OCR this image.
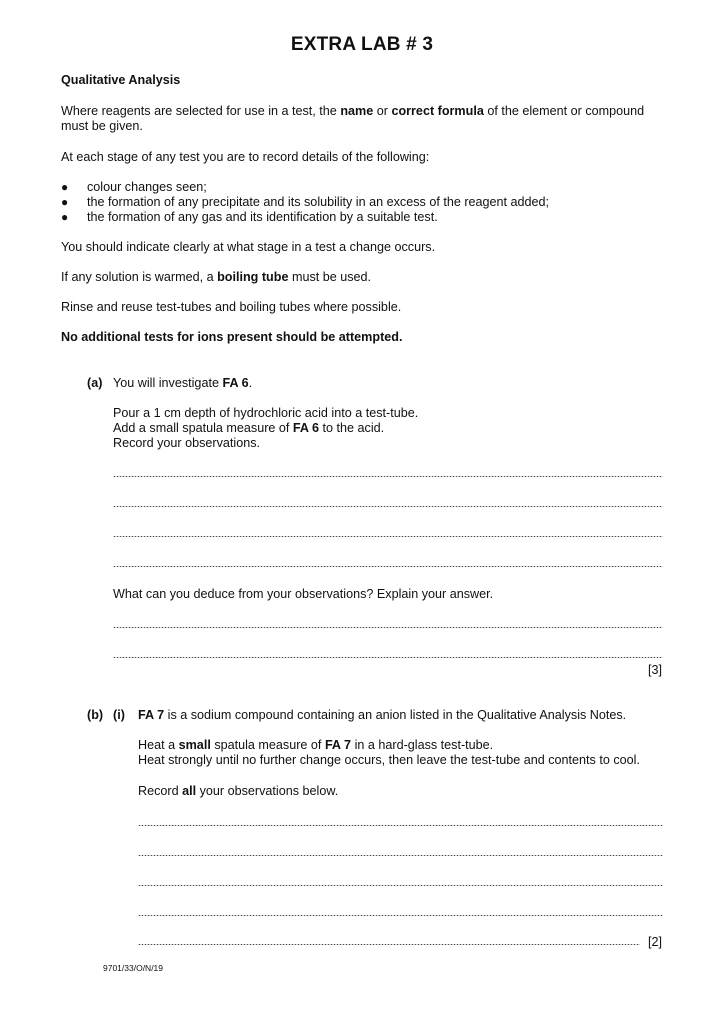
EXTRA LAB # 3
Qualitative Analysis
Where reagents are selected for use in a test, the name or correct formula of the element or compound
must be given.
At each stage of any test you are to record details of the following:
● colour changes seen;
● the formation of any precipitate and its solubility in an excess of the reagent added;
● the formation of any gas and its identification by a suitable test.
You should indicate clearly at what stage in a test a change occurs.
If any solution is warmed, a boiling tube must be used.
Rinse and reuse test-tubes and boiling tubes where possible.
No additional tests for ions present should be attempted.
(a) You will investigate FA 6.
Pour a 1 cm depth of hydrochloric acid into a test-tube.
Add a small spatula measure of FA 6 to the acid.
Record your observations.
What can you deduce from your observations? Explain your answer.
[3]
(b) (i) FA 7 is a sodium compound containing an anion listed in the Qualitative Analysis Notes.
Heat a small spatula measure of FA 7 in a hard-glass test-tube.
Heat strongly until no further change occurs, then leave the test-tube and contents to cool.
Record all your observations below.
[2]
9701/33/O/N/19
